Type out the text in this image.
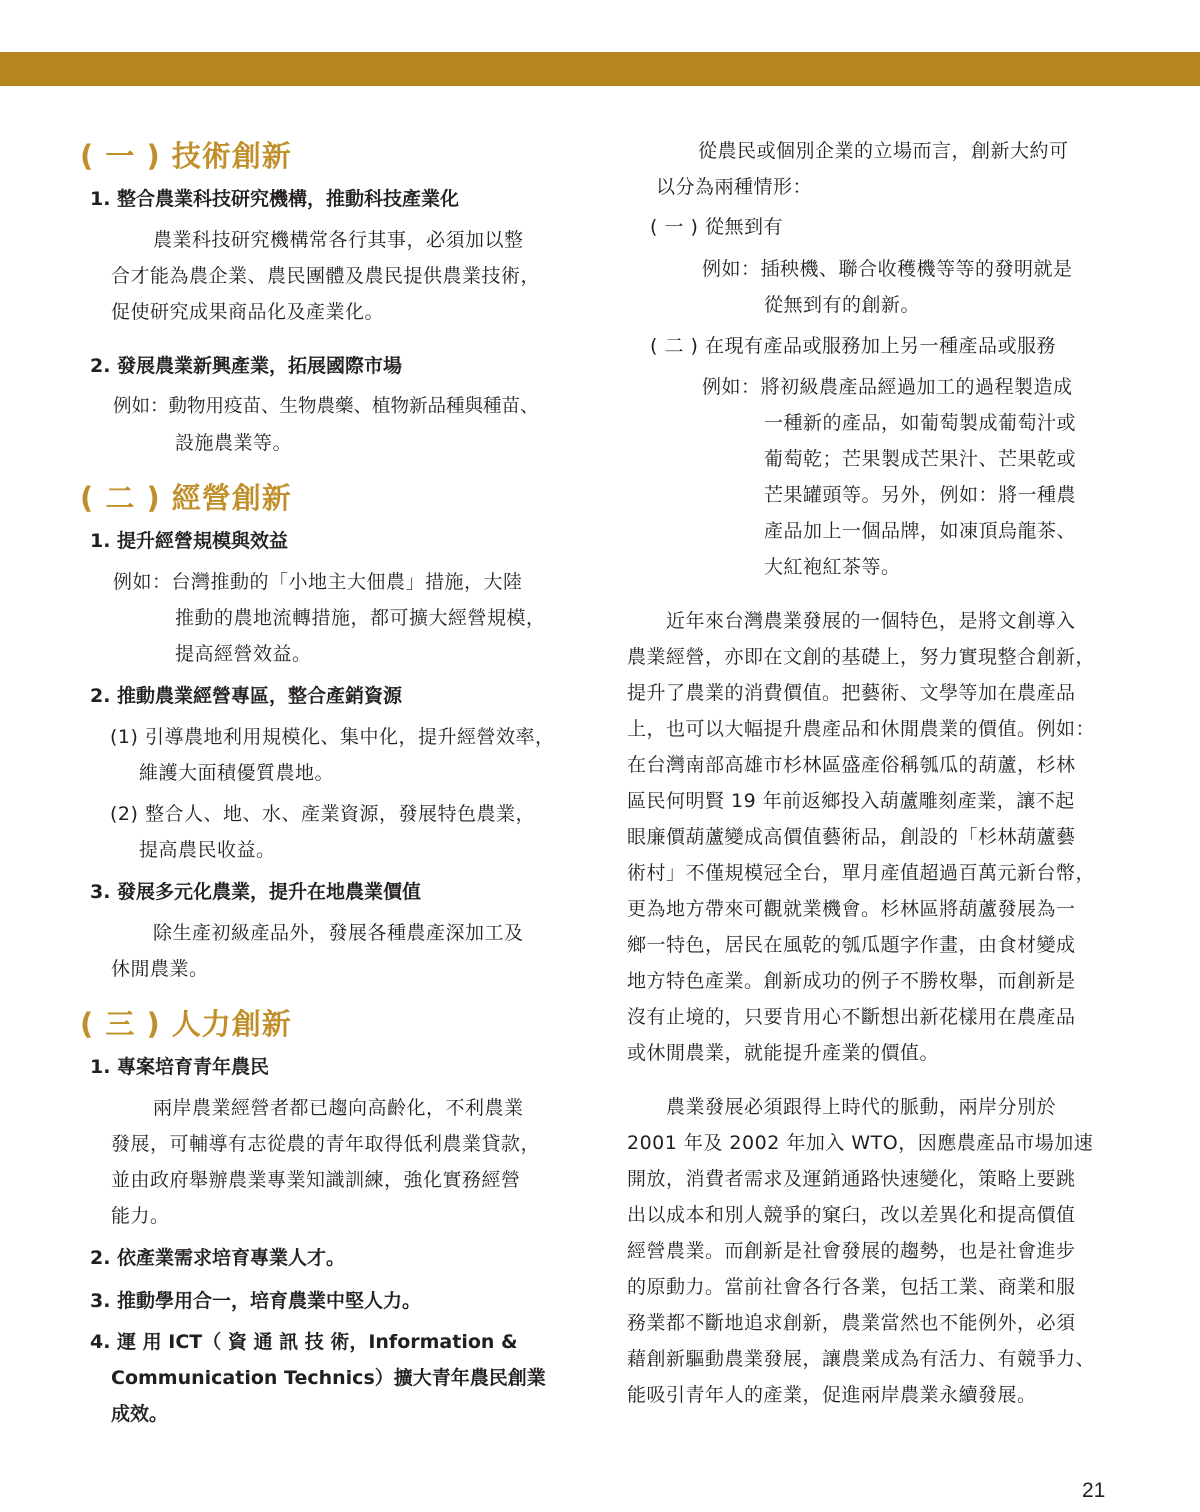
( 一 ) 技術創新
1. 整合農業科技研究機構，推動科技產業化
農業科技研究機構常各行其事，必須加以整
合才能為農企業、農民團體及農民提供農業技術，
促使研究成果商品化及產業化。
2. 發展農業新興產業，拓展國際市場
例如：動物用疫苗、生物農藥、植物新品種與種苗、
設施農業等。
( 二 ) 經營創新
1. 提升經營規模與效益
例如：台灣推動的「小地主大佃農」措施，大陸
推動的農地流轉措施，都可擴大經營規模，
提高經營效益。
2. 推動農業經營專區，整合產銷資源
(1) 引導農地利用規模化、集中化，提升經營效率，
維護大面積優質農地。
(2) 整合人、地、水、產業資源，發展特色農業，
提高農民收益。
3. 發展多元化農業，提升在地農業價值
除生產初級產品外，發展各種農產深加工及
休閒農業。
( 三 ) 人力創新
1. 專案培育青年農民
兩岸農業經營者都已趨向高齡化，不利農業
發展，可輔導有志從農的青年取得低利農業貸款，
並由政府舉辦農業專業知識訓練，強化實務經營
能力。
2. 依產業需求培育專業人才。
3. 推動學用合一，培育農業中堅人力。
4. 運 用 ICT（ 資 通 訊 技 術，Information &
Communication Technics）擴大青年農民創業
成效。
從農民或個別企業的立場而言，創新大約可
以分為兩種情形：
( 一 ) 從無到有
例如：插秧機、聯合收穫機等等的發明就是
從無到有的創新。
( 二 ) 在現有產品或服務加上另一種產品或服務
例如：將初級農產品經過加工的過程製造成
一種新的產品，如葡萄製成葡萄汁或
葡萄乾；芒果製成芒果汁、芒果乾或
芒果罐頭等。另外，例如：將一種農
產品加上一個品牌，如凍頂烏龍茶、
大紅袍紅茶等。
近年來台灣農業發展的一個特色，是將文創導入
農業經營，亦即在文創的基礎上，努力實現整合創新，
提升了農業的消費價值。把藝術、文學等加在農產品
上，也可以大幅提升農產品和休閒農業的價值。例如：
在台灣南部高雄市杉林區盛產俗稱瓠瓜的葫蘆，杉林
區民何明賢 19 年前返鄉投入葫蘆雕刻產業，讓不起
眼廉價葫蘆變成高價值藝術品，創設的「杉林葫蘆藝
術村」不僅規模冠全台，單月產值超過百萬元新台幣，
更為地方帶來可觀就業機會。杉林區將葫蘆發展為一
鄉一特色，居民在風乾的瓠瓜題字作畫，由食材變成
地方特色產業。創新成功的例子不勝枚舉，而創新是
沒有止境的，只要肯用心不斷想出新花樣用在農產品
或休閒農業，就能提升產業的價值。
農業發展必須跟得上時代的脈動，兩岸分別於
2001 年及 2002 年加入 WTO，因應農產品市場加速
開放，消費者需求及運銷通路快速變化，策略上要跳
出以成本和別人競爭的窠臼，改以差異化和提高價值
經營農業。而創新是社會發展的趨勢，也是社會進步
的原動力。當前社會各行各業，包括工業、商業和服
務業都不斷地追求創新，農業當然也不能例外，必須
藉創新驅動農業發展，讓農業成為有活力、有競爭力、
能吸引青年人的產業，促進兩岸農業永續發展。
21
